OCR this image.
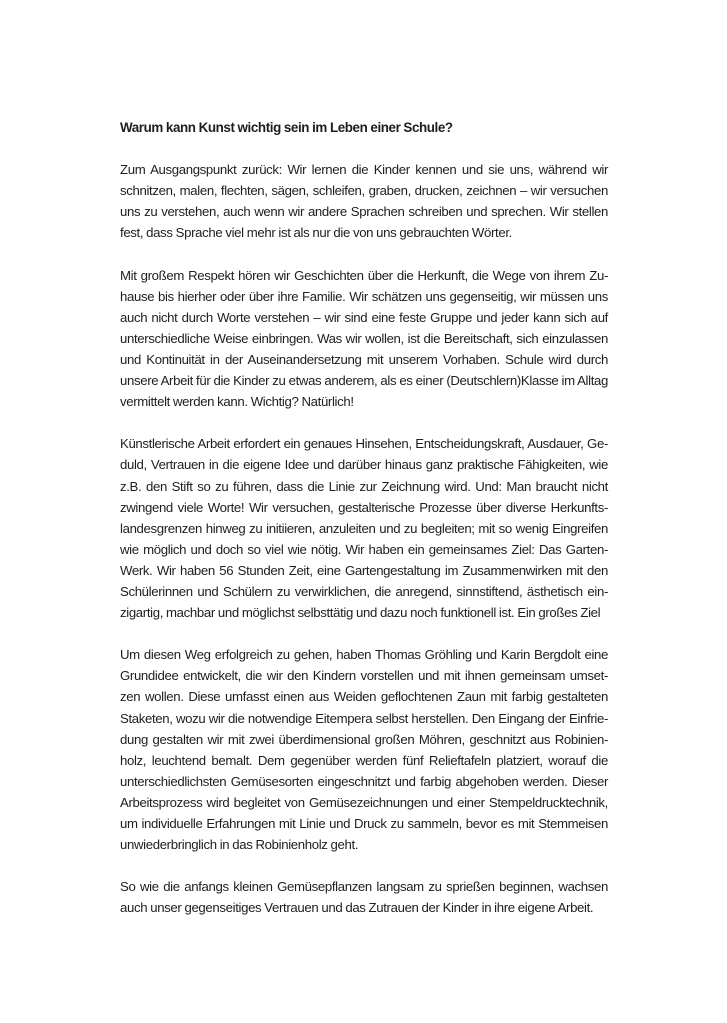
Warum kann Kunst wichtig sein im Leben einer Schule?
Zum Ausgangspunkt zurück: Wir lernen die Kinder kennen und sie uns, während wir
schnitzen, malen, flechten, sägen, schleifen, graben, drucken, zeichnen – wir versuchen
uns zu verstehen, auch wenn wir andere Sprachen schreiben und sprechen. Wir stellen
fest, dass Sprache viel mehr ist als nur die von uns gebrauchten Wörter.
Mit großem Respekt hören wir Geschichten über die Herkunft, die Wege von ihrem Zu-
hause bis hierher oder über ihre Familie. Wir schätzen uns gegenseitig, wir müssen uns
auch nicht durch Worte verstehen – wir sind eine feste Gruppe und jeder kann sich auf
unterschiedliche Weise einbringen. Was wir wollen, ist die Bereitschaft, sich einzulassen
und Kontinuität in der Auseinandersetzung mit unserem Vorhaben. Schule wird durch
unsere Arbeit für die Kinder zu etwas anderem, als es einer (Deutschlern)Klasse im Alltag
vermittelt werden kann. Wichtig? Natürlich!
Künstlerische Arbeit erfordert ein genaues Hinsehen, Entscheidungskraft, Ausdauer, Ge-
duld, Vertrauen in die eigene Idee und darüber hinaus ganz praktische Fähigkeiten, wie
z.B. den Stift so zu führen, dass die Linie zur Zeichnung wird. Und: Man braucht nicht
zwingend viele Worte! Wir versuchen, gestalterische Prozesse über diverse Herkunfts-
landesgrenzen hinweg zu initiieren, anzuleiten und zu begleiten; mit so wenig Eingreifen
wie möglich und doch so viel wie nötig. Wir haben ein gemeinsames Ziel: Das Garten-
Werk. Wir haben 56 Stunden Zeit, eine Gartengestaltung im Zusammenwirken mit den
Schülerinnen und Schülern zu verwirklichen, die anregend, sinnstiftend, ästhetisch ein-
zigartig, machbar und möglichst selbsttätig und dazu noch funktionell ist. Ein großes Ziel
Um diesen Weg erfolgreich zu gehen, haben Thomas Gröhling und Karin Bergdolt eine
Grundidee entwickelt, die wir den Kindern vorstellen und mit ihnen gemeinsam umset-
zen wollen. Diese umfasst einen aus Weiden geflochtenen Zaun mit farbig gestalteten
Staketen, wozu wir die notwendige Eitempera selbst herstellen. Den Eingang der Einfrie-
dung gestalten wir mit zwei überdimensional großen Möhren, geschnitzt aus Robinien-
holz, leuchtend bemalt. Dem gegenüber werden fünf Relieftafeln platziert, worauf die
unterschiedlichsten Gemüsesorten eingeschnitzt und farbig abgehoben werden. Dieser
Arbeitsprozess wird begleitet von Gemüsezeichnungen und einer Stempeldrucktechnik,
um individuelle Erfahrungen mit Linie und Druck zu sammeln, bevor es mit Stemmeisen
unwiederbringlich in das Robinienholz geht.
So wie die anfangs kleinen Gemüsepflanzen langsam zu sprießen beginnen, wachsen
auch unser gegenseitiges Vertrauen und das Zutrauen der Kinder in ihre eigene Arbeit.
